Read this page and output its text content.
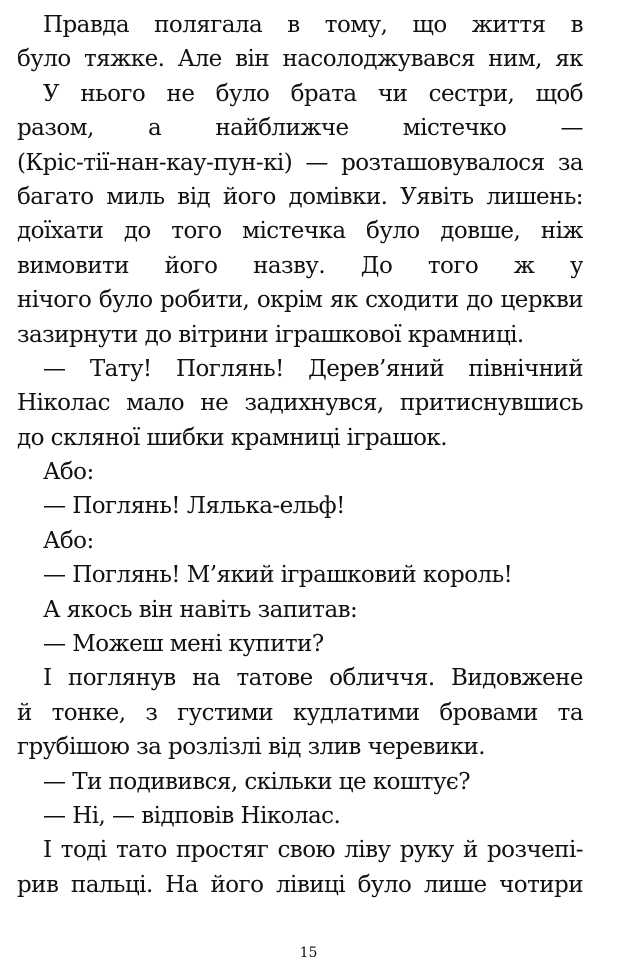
Правда полягала в тому, що життя в
було тяжке. Але він насолоджувався ним, як
У нього не було брата чи сестри, щоб
разом, а найближче містечко —
(Кріс-тії-нан-кау-пун-кі) — розташовувалося за
багато миль від його домівки. Уявіть лишень:
доїхати до того містечка було довше, ніж
вимовити його назву. До того ж у
нічого було робити, окрім як сходити до церкви
зазирнути до вітрини іграшкової крамниці.
— Тату! Поглянь! Дерев’яний північний
Ніколас мало не задихнувся, притиснувшись
до скляної шибки крамниці іграшок.
Або:
— Поглянь! Лялька-ельф!
Або:
— Поглянь! М’який іграшковий король!
А якось він навіть запитав:
— Можеш мені купити?
І поглянув на татове обличчя. Видовжене
й тонке, з густими кудлатими бровами та
грубішою за розлізлі від злив черевики.
— Ти подивився, скільки це коштує?
— Ні, — відповів Ніколас.
І тоді тато простяг свою ліву руку й розчепі-
рив пальці. На його лівиці було лише чотири
15
